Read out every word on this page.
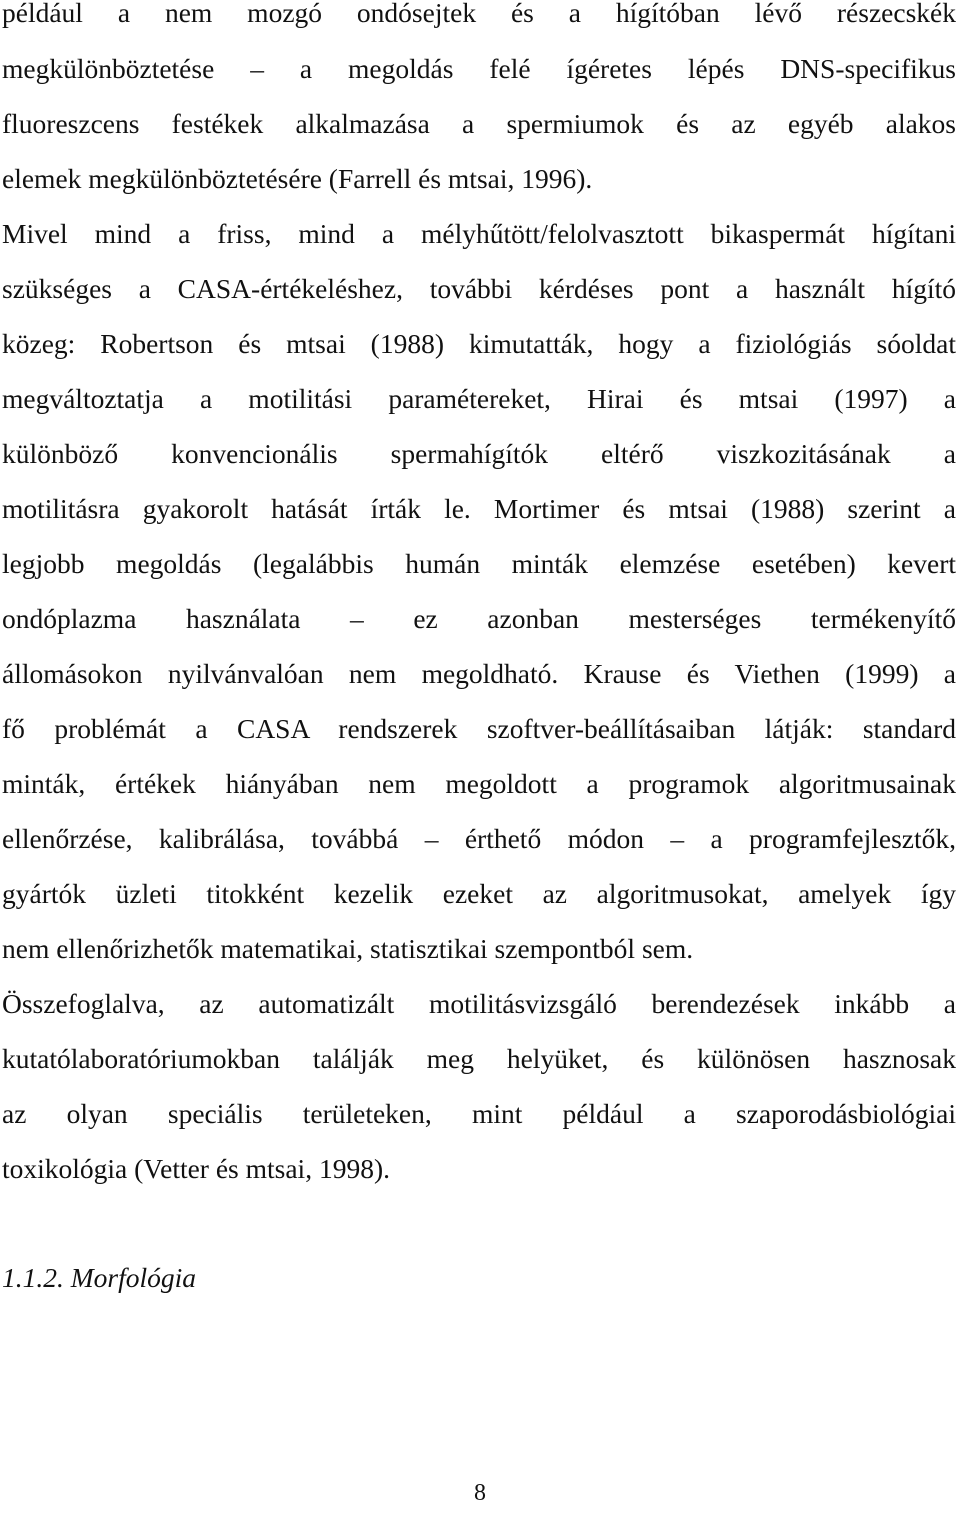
például a nem mozgó ondósejtek és a hígítóban lévő részecskék
megkülönböztetése – a megoldás felé ígéretes lépés DNS-specifikus
fluoreszcens festékek alkalmazása a spermiumok és az egyéb alakos
elemek megkülönböztetésére (Farrell és mtsai, 1996).
Mivel mind a friss, mind a mélyhűtött/felolvasztott bikaspermát hígítani
szükséges a CASA-értékeléshez, további kérdéses pont a használt hígító
közeg: Robertson és mtsai (1988) kimutatták, hogy a fiziológiás sóoldat
megváltoztatja a motilitási paramétereket, Hirai és mtsai (1997) a
különböző konvencionális spermahígítók eltérő viszkozitásának a
motilitásra gyakorolt hatását írták le. Mortimer és mtsai (1988) szerint a
legjobb megoldás (legalábbis humán minták elemzése esetében) kevert
ondóplazma használata – ez azonban mesterséges termékenyítő
állomásokon nyilvánvalóan nem megoldható. Krause és Viethen (1999) a
fő problémát a CASA rendszerek szoftver-beállításaiban látják: standard
minták, értékek hiányában nem megoldott a programok algoritmusainak
ellenőrzése, kalibrálása, továbbá – érthető módon – a programfejlesztők,
gyártók üzleti titokként kezelik ezeket az algoritmusokat, amelyek így
nem ellenőrizhetők matematikai, statisztikai szempontból sem.
Összefoglalva, az automatizált motilitásvizsgáló berendezések inkább a
kutatólaboratóriumokban találják meg helyüket, és különösen hasznosak
az olyan speciális területeken, mint például a szaporodásbiológiai
toxikológia (Vetter és mtsai, 1998).
1.1.2. Morfológia
8
